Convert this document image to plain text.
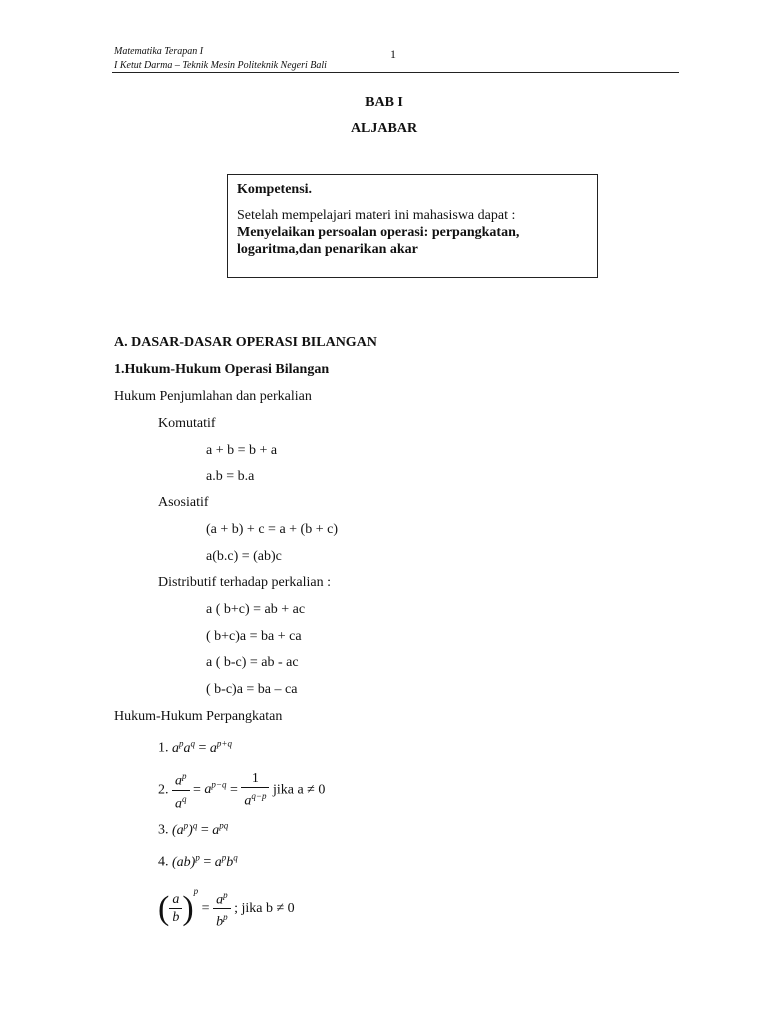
Matematika Terapan I
I Ketut Darma – Teknik Mesin Politeknik Negeri Bali
1
BAB I
ALJABAR
Kompetensi.
Setelah mempelajari materi ini mahasiswa dapat :
Menyelaikan persoalan operasi: perpangkatan,
logaritma,dan penarikan akar
A. DASAR-DASAR OPERASI BILANGAN
1.Hukum-Hukum Operasi Bilangan
Hukum Penjumlahan dan perkalian
Komutatif
a + b = b + a
a.b = b.a
Asosiatif
(a + b) + c = a + (b + c)
a(b.c) = (ab)c
Distributif terhadap perkalian :
a ( b+c) = ab + ac
( b+c)a = ba + ca
a ( b-c) = ab - ac
( b-c)a = ba – ca
Hukum-Hukum Perpangkatan
1. $a^pa^q = a^{p+q}$
2. $\frac{a^p}{a^q} = a^{p-q} = \frac{1}{a^{q-p}}$ jika a ≠ 0
3. $(a^p)^q = a^{pq}$
4. $(ab)^p = a^pb^q$
( $\frac{a}{b} )^p = \frac{a^p}{b^p}$ ; jika b ≠ 0
